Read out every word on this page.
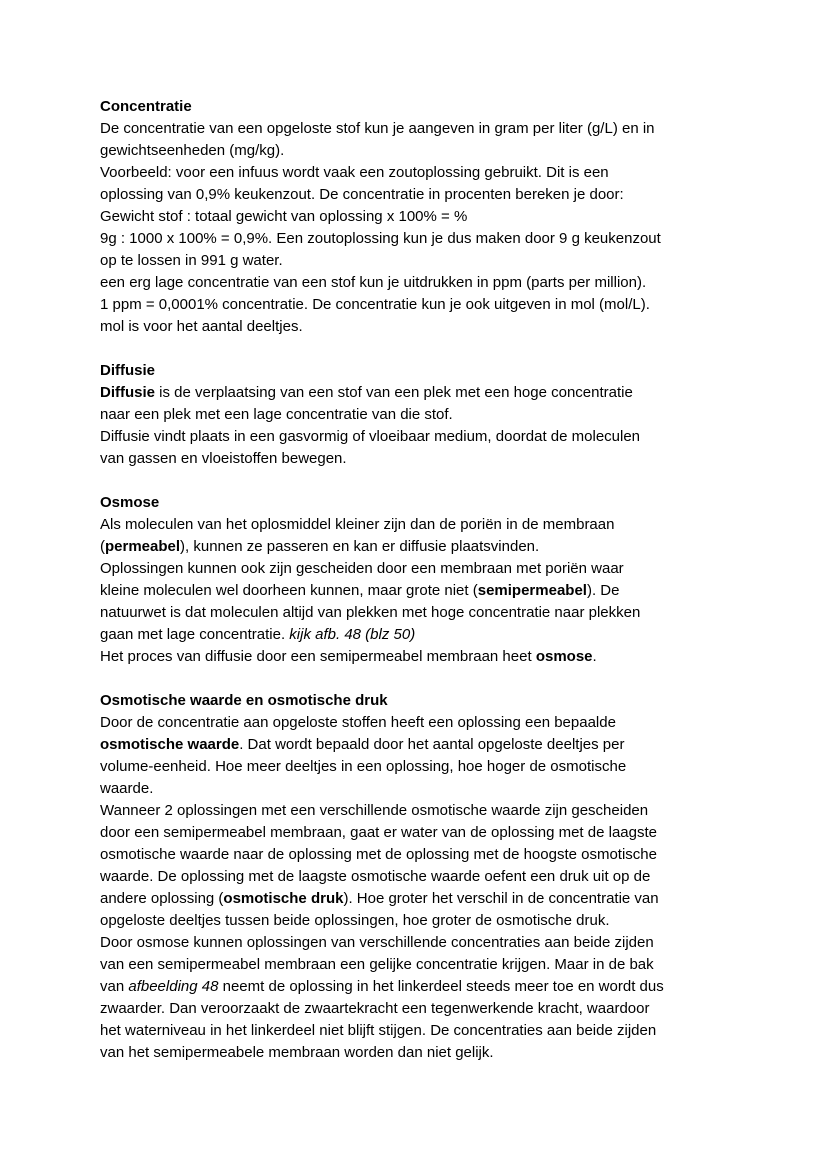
Concentratie
De concentratie van een opgeloste stof kun je aangeven in gram per liter (g/L) en in
gewichtseenheden (mg/kg).
Voorbeeld: voor een infuus wordt vaak een zoutoplossing gebruikt. Dit is een
oplossing van 0,9% keukenzout. De concentratie in procenten bereken je door:
Gewicht stof : totaal gewicht van oplossing x 100% = %
9g : 1000 x 100% = 0,9%. Een zoutoplossing kun je dus maken door 9 g keukenzout
op te lossen in 991 g water.
een erg lage concentratie van een stof kun je uitdrukken in ppm (parts per million).
1 ppm = 0,0001% concentratie. De concentratie kun je ook uitgeven in mol (mol/L).
mol is voor het aantal deeltjes.
Diffusie
Diffusie is de verplaatsing van een stof van een plek met een hoge concentratie
naar een plek met een lage concentratie van die stof.
Diffusie vindt plaats in een gasvormig of vloeibaar medium, doordat de moleculen
van gassen en vloeistoffen bewegen.
Osmose
Als moleculen van het oplosmiddel kleiner zijn dan de poriën in de membraan
(permeabel), kunnen ze passeren en kan er diffusie plaatsvinden.
Oplossingen kunnen ook zijn gescheiden door een membraan met poriën waar
kleine moleculen wel doorheen kunnen, maar grote niet (semipermeabel). De
natuurwet is dat moleculen altijd van plekken met hoge concentratie naar plekken
gaan met lage concentratie. kijk afb. 48 (blz 50)
Het proces van diffusie door een semipermeabel membraan heet osmose.
Osmotische waarde en osmotische druk
Door de concentratie aan opgeloste stoffen heeft een oplossing een bepaalde
osmotische waarde. Dat wordt bepaald door het aantal opgeloste deeltjes per
volume-eenheid. Hoe meer deeltjes in een oplossing, hoe hoger de osmotische
waarde.
Wanneer 2 oplossingen met een verschillende osmotische waarde zijn gescheiden
door een semipermeabel membraan, gaat er water van de oplossing met de laagste
osmotische waarde naar de oplossing met de oplossing met de hoogste osmotische
waarde. De oplossing met de laagste osmotische waarde oefent een druk uit op de
andere oplossing (osmotische druk). Hoe groter het verschil in de concentratie van
opgeloste deeltjes tussen beide oplossingen, hoe groter de osmotische druk.
Door osmose kunnen oplossingen van verschillende concentraties aan beide zijden
van een semipermeabel membraan een gelijke concentratie krijgen. Maar in de bak
van afbeelding 48 neemt de oplossing in het linkerdeel steeds meer toe en wordt dus
zwaarder. Dan veroorzaakt de zwaartekracht een tegenwerkende kracht, waardoor
het waterniveau in het linkerdeel niet blijft stijgen. De concentraties aan beide zijden
van het semipermeabele membraan worden dan niet gelijk.
